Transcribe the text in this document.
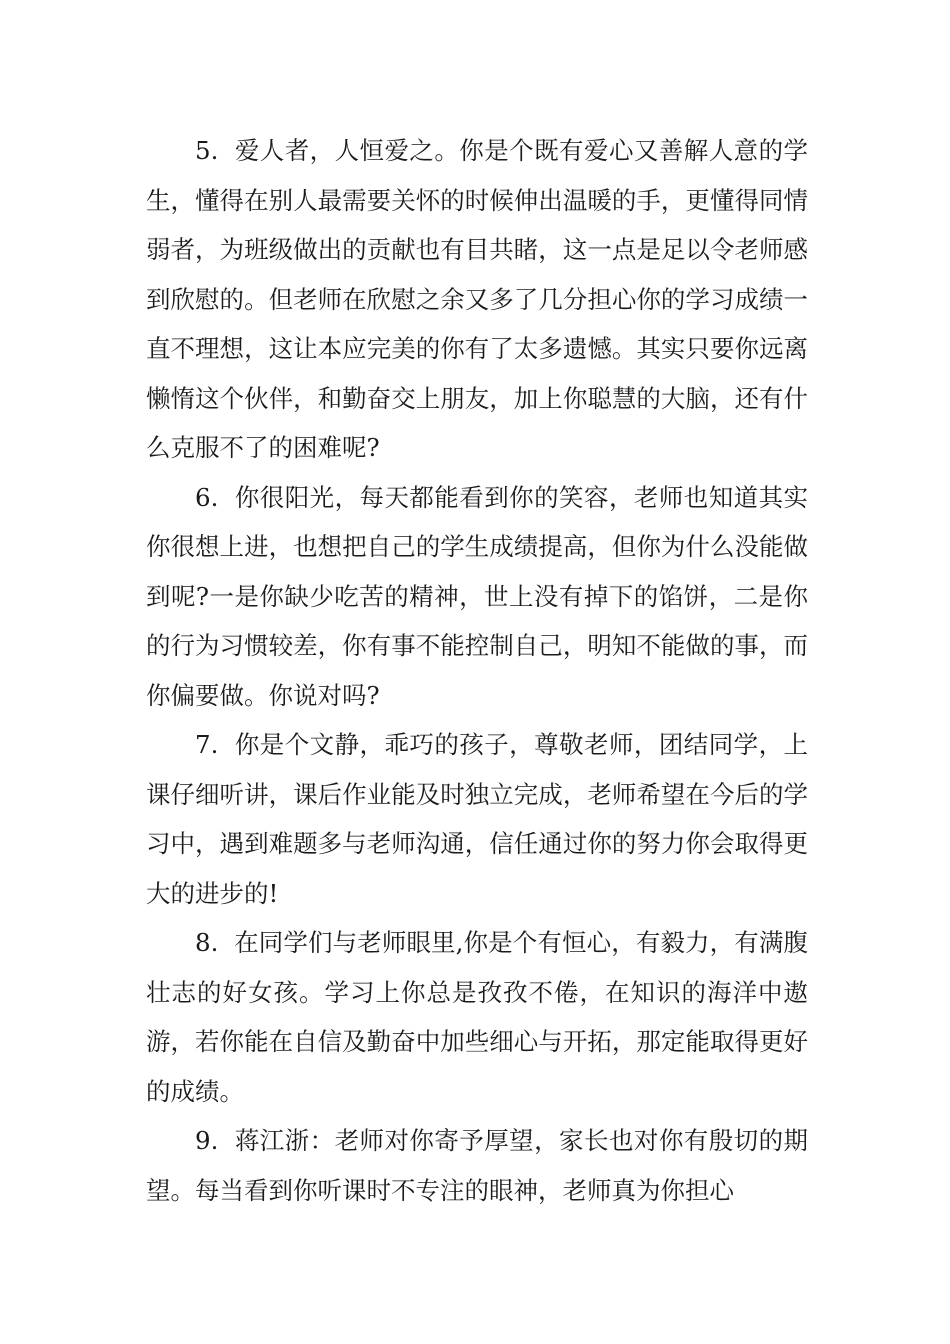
5. 爱人者，人恒爱之。你是个既有爱心又善解人意的学生，懂得在别人最需要关怀的时候伸出温暖的手，更懂得同情弱者，为班级做出的贡献也有目共睹，这一点是足以令老师感到欣慰的。但老师在欣慰之余又多了几分担心你的学习成绩一直不理想，这让本应完美的你有了太多遗憾。其实只要你远离懒惰这个伙伴，和勤奋交上朋友，加上你聪慧的大脑，还有什么克服不了的困难呢?

6. 你很阳光，每天都能看到你的笑容，老师也知道其实你很想上进，也想把自己的学生成绩提高，但你为什么没能做到呢?一是你缺少吃苦的精神，世上没有掉下的馅饼，二是你的行为习惯较差，你有事不能控制自己，明知不能做的事，而你偏要做。你说对吗?

7. 你是个文静，乖巧的孩子，尊敬老师，团结同学，上课仔细听讲，课后作业能及时独立完成，老师希望在今后的学习中，遇到难题多与老师沟通，信任通过你的努力你会取得更大的进步的!

8. 在同学们与老师眼里,你是个有恒心，有毅力，有满腹壮志的好女孩。学习上你总是孜孜不倦，在知识的海洋中遨游，若你能在自信及勤奋中加些细心与开拓，那定能取得更好的成绩。

9. 蒋江浙：老师对你寄予厚望，家长也对你有殷切的期望。每当看到你听课时不专注的眼神，老师真为你担心
